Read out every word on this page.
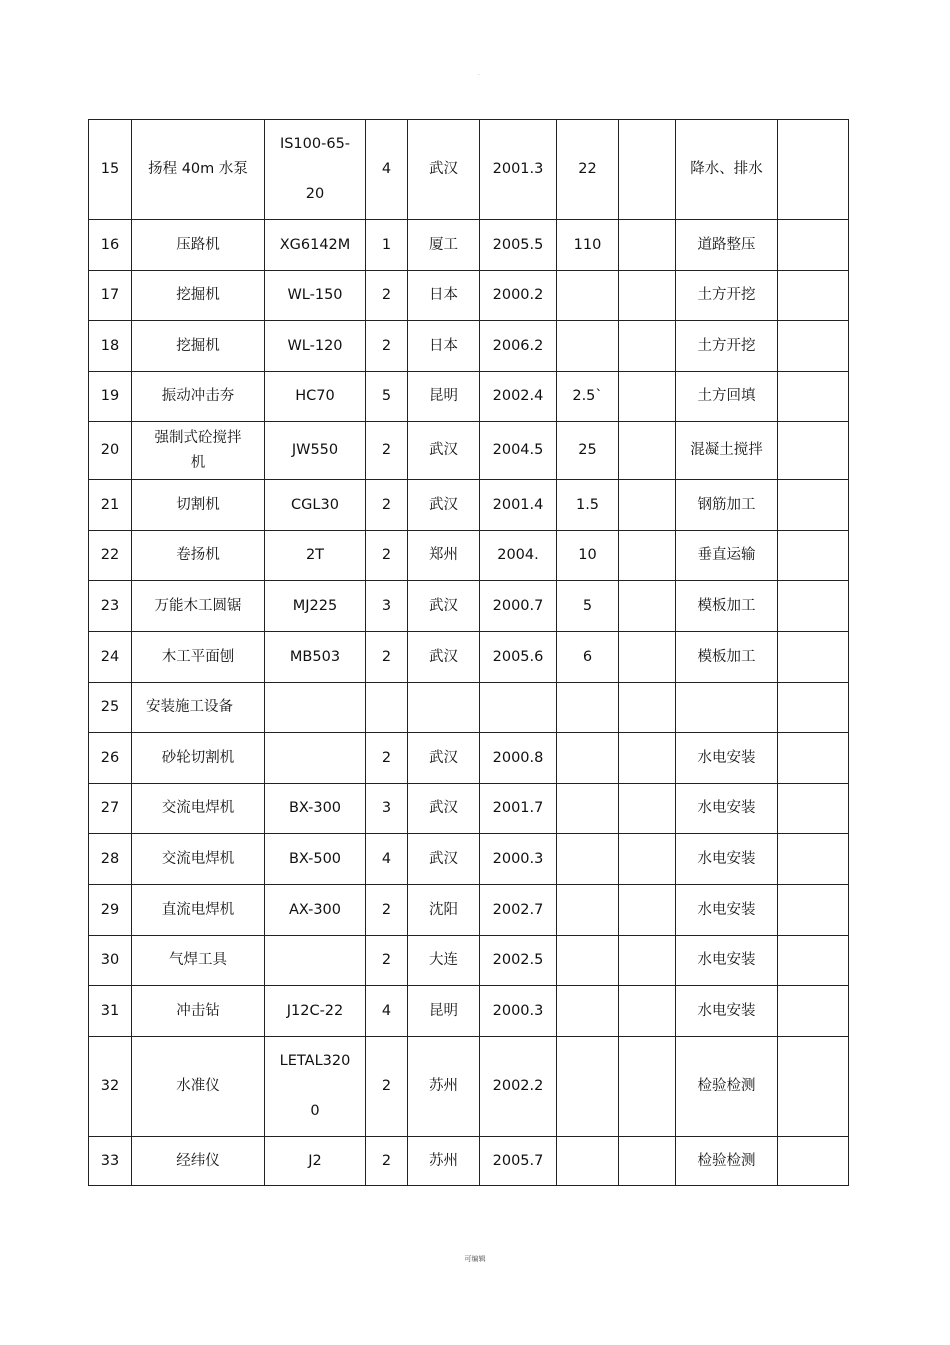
.
15	扬程 40m 水泵	IS100-65-

20	4	武汉	2001.3	22		降水、排水	
16	压路机	XG6142M	1	厦工	2005.5	110		道路整压	
17	挖掘机	WL-150	2	日本	2000.2			土方开挖	
18	挖掘机	WL-120	2	日本	2006.2			土方开挖	
19	振动冲击夯	HC70	5	昆明	2002.4	2.5`		土方回填	
20	强制式砼搅拌
机	JW550	2	武汉	2004.5	25		混凝土搅拌	
21	切割机	CGL30	2	武汉	2001.4	1.5		钢筋加工	
22	卷扬机	2T	2	郑州	2004.	10		垂直运输	
23	万能木工圆锯	MJ225	3	武汉	2000.7	5		模板加工	
24	木工平面刨	MB503	2	武汉	2005.6	6		模板加工	
25	安装施工设备								
26	砂轮切割机		2	武汉	2000.8			水电安装	
27	交流电焊机	BX-300	3	武汉	2001.7			水电安装	
28	交流电焊机	BX-500	4	武汉	2000.3			水电安装	
29	直流电焊机	AX-300	2	沈阳	2002.7			水电安装	
30	气焊工具		2	大连	2002.5			水电安装	
31	冲击钻	J12C-22	4	昆明	2000.3			水电安装	
32	水准仪	LETAL320

0	2	苏州	2002.2			检验检测	
33	经纬仪	J2	2	苏州	2005.7			检验检测	
可编辑
